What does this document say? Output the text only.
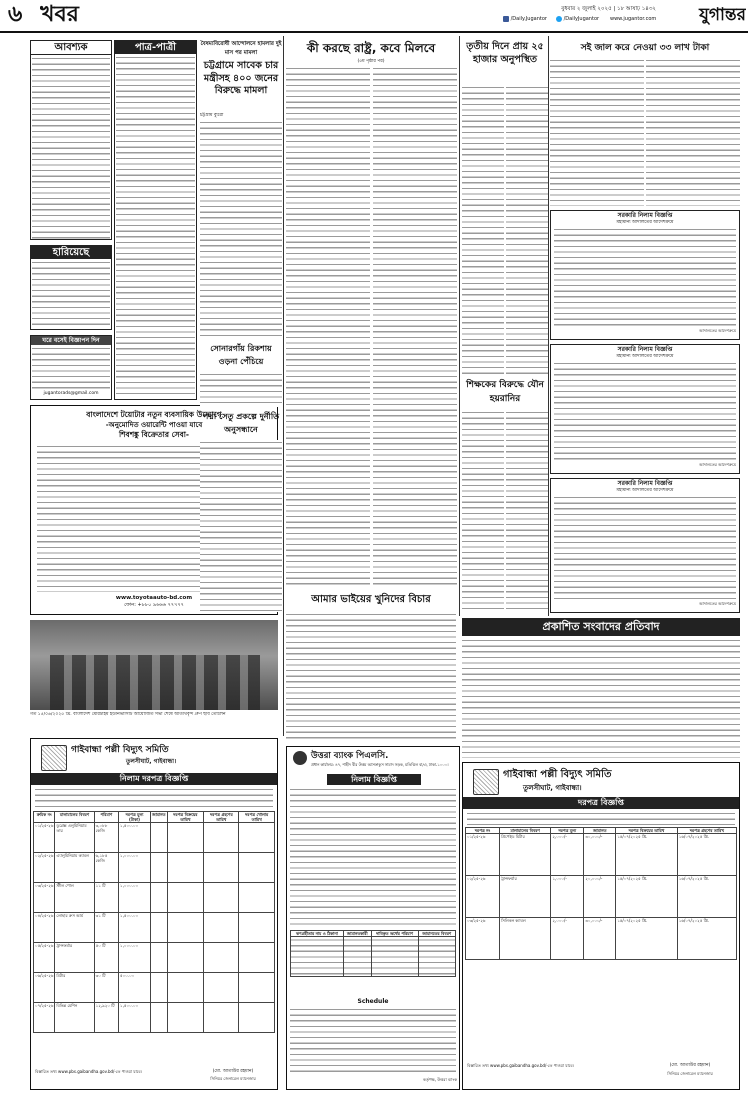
৬ খবর	বুধবার ২ জুলাই ২০২৫ | ১৮ আষাঢ় ১৪৩২
/Daily.Jugantor	/DailyJugantor	www.jugantor.com	যুগান্তর
আবশ্যক	পাত্র-পাত্রী
হারিয়েছে
ঘরে বসেই বিজ্ঞাপন দিন
jugantorads@gmail.com
বাংলাদেশে টয়োটার নতুন ব্যবসায়িক উদ্যোগে
-অনুমোদিত ওয়ারেন্টি পাওয়া যাবে
শিবশঙ্কু বিক্রেতার সেবা-
www.toyotaauto-bd.com
ফোন: +৮৮০ ৯৬৬৬ ৭৭৭৭৭
গত ১৫/০৬/২০২৫ খ্রি. বাংলাদেশ মেরিটাইম ইউনিভার্সিটি আয়োজিত সভা শেষে অতিথিবৃন্দ গ্রুপ ছবি তোলেন
গাইবান্ধা পল্লী বিদ্যুৎ সমিতি
তুলসীঘাট, গাইবান্ধা।
নিলাম দরপত্র বিজ্ঞপ্তি
ক্রমিক নং	মালামালের বিবরণ	পরিমাণ	দরপত্র মূল্য (টাকা)	জামানত	দরপত্র বিক্রয়ের তারিখ	দরপত্র গ্রহণের তারিখ	দরপত্র খোলার তারিখ
০১/২৫-২৬	ডুপ্লেক্স এলুমিনিয়াম তার	৩,০৮৮ কেজি	১,৫০০.০০				
০২/২৫-২৬	এ্যালুমিনিয়াম ক্যাবল	৬,১৮৫ কেজি	১,০০০.০০				
০৩/২৫-২৬	স্টীল পোল	১১ টি	১,০০০.০০				
০৪/২৫-২৬	লোহার ক্রস আর্ম	৩১ টি	১,৫০০.০০				
০৫/২৫-২৬	ট্রান্সফর্মার	৫০ টি	১,০০০.০০				
০৬/২৫-২৬	মিটার	৩০ টি	৫০০.০০				
০৭/২৫-২৬	বিভিন্ন মেশিন	১২,৯২০ টি	১,৫০০.০০				
বিস্তারিত তথ্য www.pbs.gaibandha.gov.bd/-তে পাওয়া যাবে।	(মো. আতাউর রহমান)
সিনিয়র জেনারেল ম্যানেজার
বৈষম্যবিরোধী আন্দোলনে হামলার দুই মাস পর মামলা
চট্টগ্রামে সাবেক চার মন্ত্রীসহ ৪০০ জনের বিরুদ্ধে মামলা
চট্টগ্রাম ব্যুরো
সোনারগাঁয় রিকশায় ওড়না পেঁচিয়ে
পদ্মা সেতু প্রকল্পে দুর্নীতি অনুসন্ধানে
কী করছে রাষ্ট্র, কবে মিলবে
(৫ম পৃষ্ঠার পর)
আমার ভাইয়ের খুনিদের বিচার
উত্তরা ব্যাংক পিএলসি.
প্রধান কার্যালয়: ৪৭, শাহীদ বীর উত্তম আসফাকুস সামাদ সড়ক, মতিঝিল বা/এ, ঢাকা-১০০০।
নিলাম বিজ্ঞপ্তি
ঋণগ্রহীতার নাম ও ঠিকানা	জামানতকারী	দাবিকৃত অর্থের পরিমাণ	জামানতের বিবরণ

Schedule
কর্তৃপক্ষ, উত্তরা ব্যাংক
তৃতীয় দিনে প্রায় ২৫ হাজার অনুপস্থিত
শিক্ষকের বিরুদ্ধে যৌন হয়রানির
সই জাল করে নেওয়া ৩৩ লাখ টাকা
সরকারি নিলাম বিজ্ঞপ্তি
মহামান্য আদালতের আদেশক্রমে
আদালতের আদেশক্রমে
সরকারি নিলাম বিজ্ঞপ্তি
মহামান্য আদালতের আদেশক্রমে
আদালতের আদেশক্রমে
সরকারি নিলাম বিজ্ঞপ্তি
মহামান্য আদালতের আদেশক্রমে
আদালতের আদেশক্রমে
প্রকাশিত সংবাদের প্রতিবাদ
গাইবান্ধা পল্লী বিদ্যুৎ সমিতি
তুলসীঘাট, গাইবান্ধা।
দরপত্র বিজ্ঞপ্তি
দরপত্র নং	মালামালের বিবরণ	দরপত্র মূল্য	জামানত	দরপত্র বিক্রয়ের তারিখ	দরপত্র গ্রহণের তারিখ
০১/২৫-২৬	প্রিপেইড মিটার	২,০০০/-	৩০,০০০/-	১৫/০৭/২০২৫ খ্রি.	১৬/০৭/২০২৫ খ্রি.
০২/২৫-২৬	ট্রান্সফর্মার	১,০০০/-	২০,০০০/-	১৫/০৭/২০২৫ খ্রি.	১৬/০৭/২০২৫ খ্রি.
০৩/২৫-২৬	সিলিকন ক্যাবল	২,০০০/-	৩০,০০০/-	১৫/০৭/২০২৫ খ্রি.	১৬/০৭/২০২৫ খ্রি.
বিস্তারিত তথ্য www.pbs.gaibandha.gov.bd/-তে পাওয়া যাবে।	(মো. আতাউর রহমান)
সিনিয়র জেনারেল ম্যানেজার
